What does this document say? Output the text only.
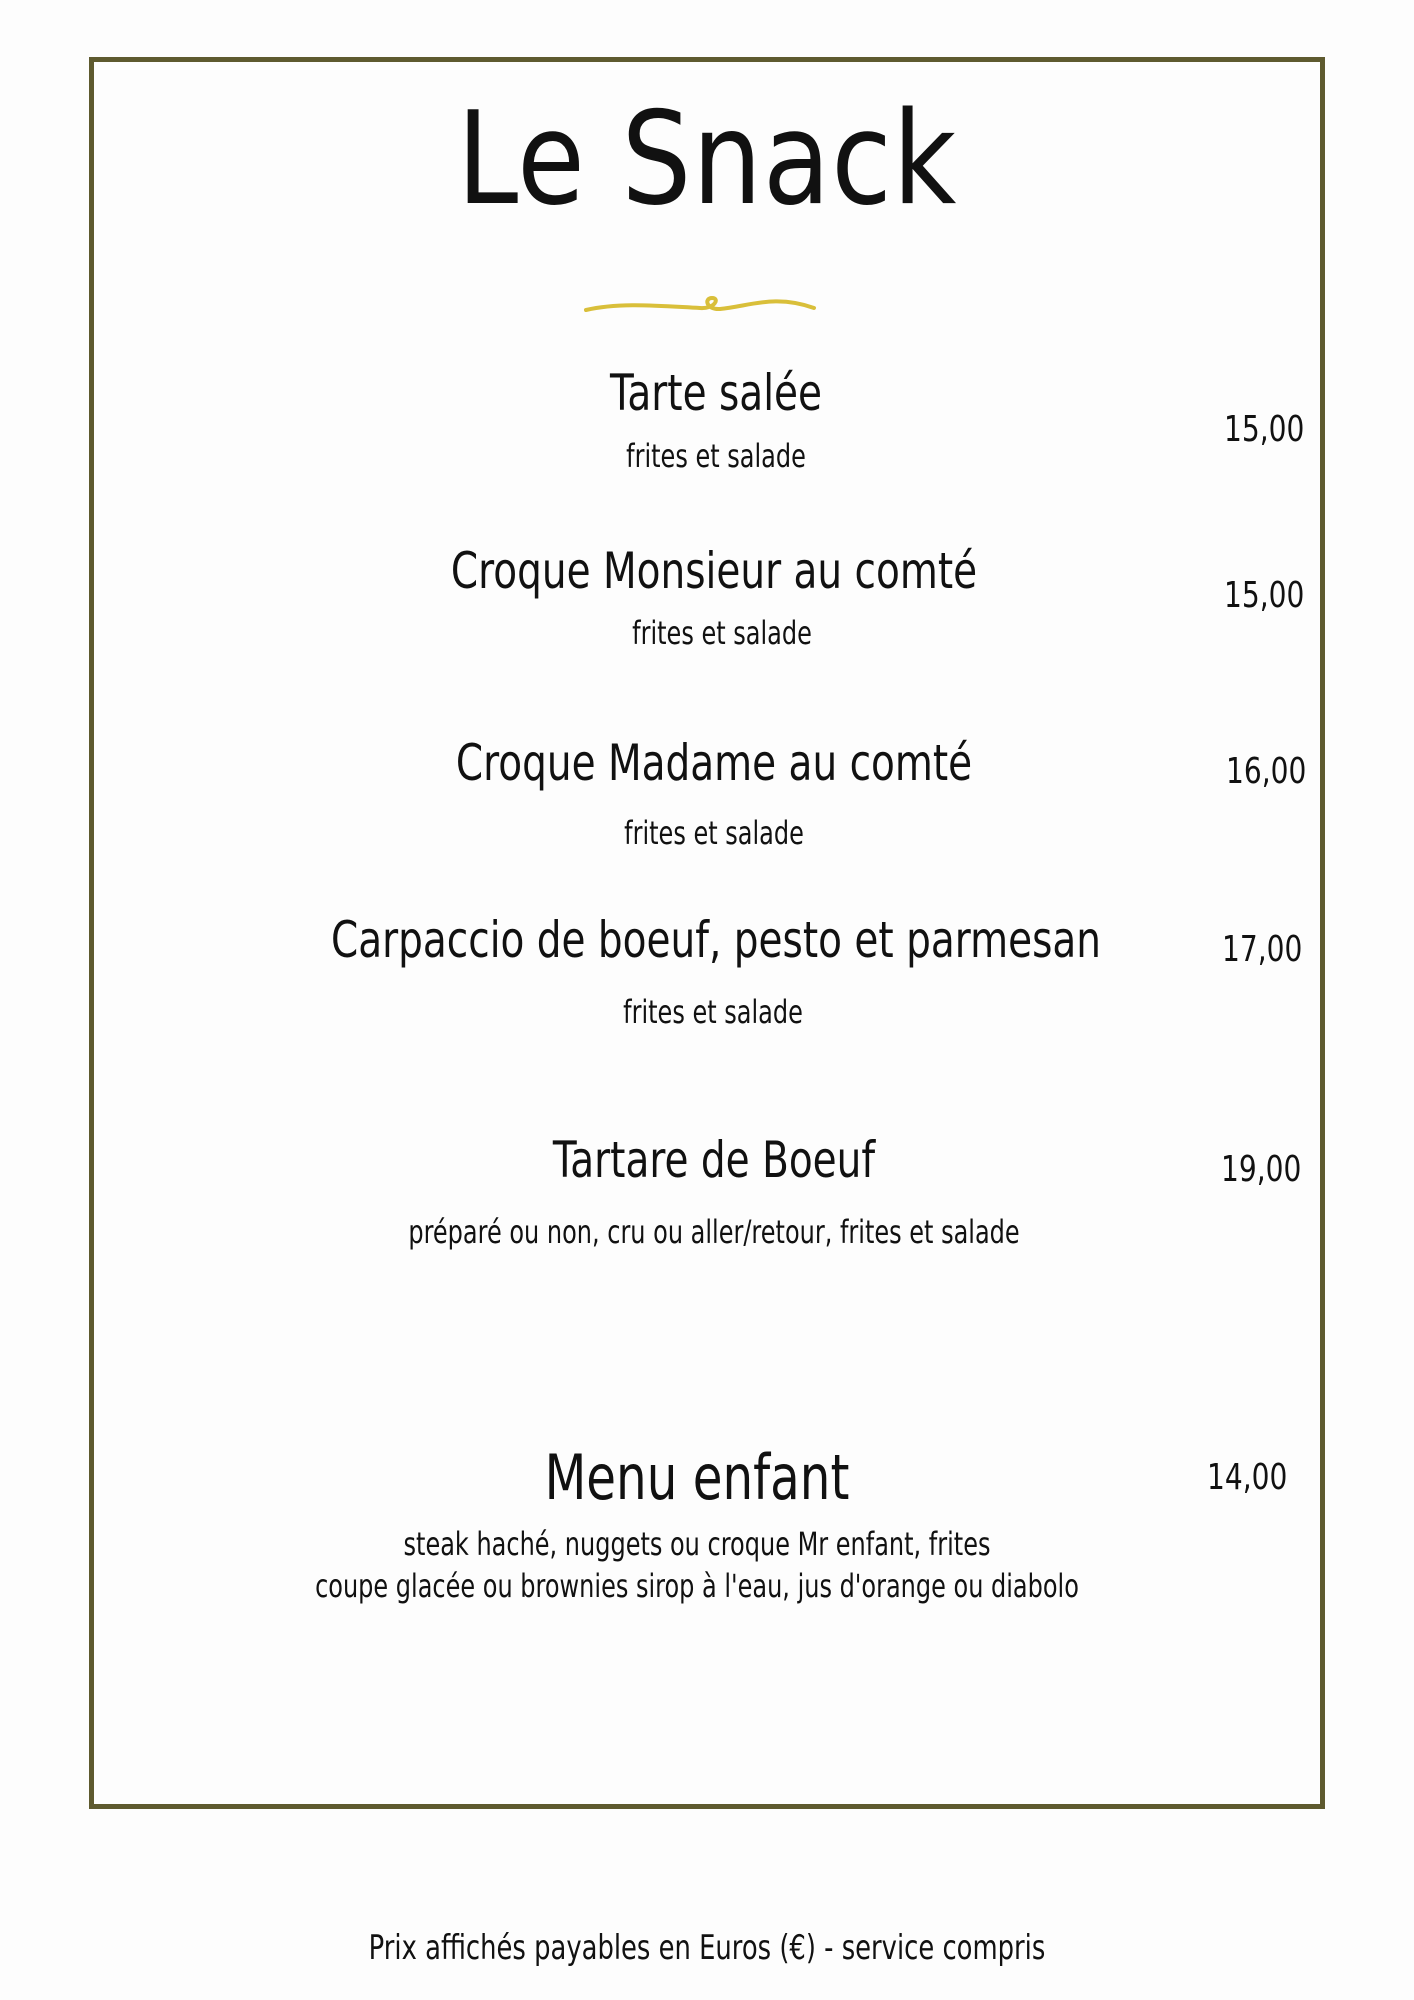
Le Snack
Tarte salée
frites et salade
15,00
Croque Monsieur au comté
frites et salade
15,00
Croque Madame au comté
frites et salade
16,00
Carpaccio de boeuf, pesto et parmesan
frites et salade
17,00
Tartare de Boeuf
préparé ou non, cru ou aller/retour, frites et salade
19,00
Menu enfant
steak haché, nuggets ou croque Mr enfant, frites
coupe glacée ou brownies sirop à l'eau, jus d'orange ou diabolo
14,00
Prix affichés payables en Euros (€) - service compris
